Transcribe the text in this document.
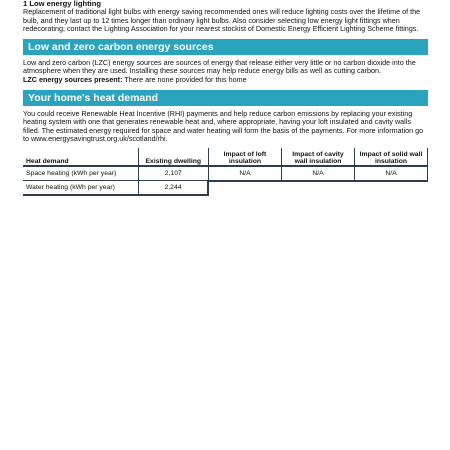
1 Low energy lighting

Replacement of traditional light bulbs with energy saving recommended ones will reduce lighting costs over the lifetime of the bulb, and they last up to 12 times longer than ordinary light bulbs. Also consider selecting low energy light fittings when redecorating; contact the Lighting Association for your nearest stockist of Domestic Energy Efficient Lighting Scheme fittings.

Low and zero carbon energy sources

Low and zero carbon (LZC) energy sources are sources of energy that release either very little or no carbon dioxide into the atmosphere when they are used. Installing these sources may help reduce energy bills as well as cutting carbon.

LZC energy sources present: There are none provided for this home
Your home's heat demand

You could receive Renewable Heat Incentive (RHI) payments and help reduce carbon emissions by replacing your existing heating system with one that generates renewable heat and, where appropriate, having your loft insulated and cavity walls filled. The estimated energy required for space and water heating will form the basis of the payments. For more information go to www.energysavingtrust.org.uk/scotland/rhi.

Heat demand	Existing dwelling	Impact of loft insulation	Impact of cavity wall insulation	Impact of solid wall insulation
Space heating (kWh per year)	2,107	N/A	N/A	N/A
Water heating (kWh per year)	2,244			
